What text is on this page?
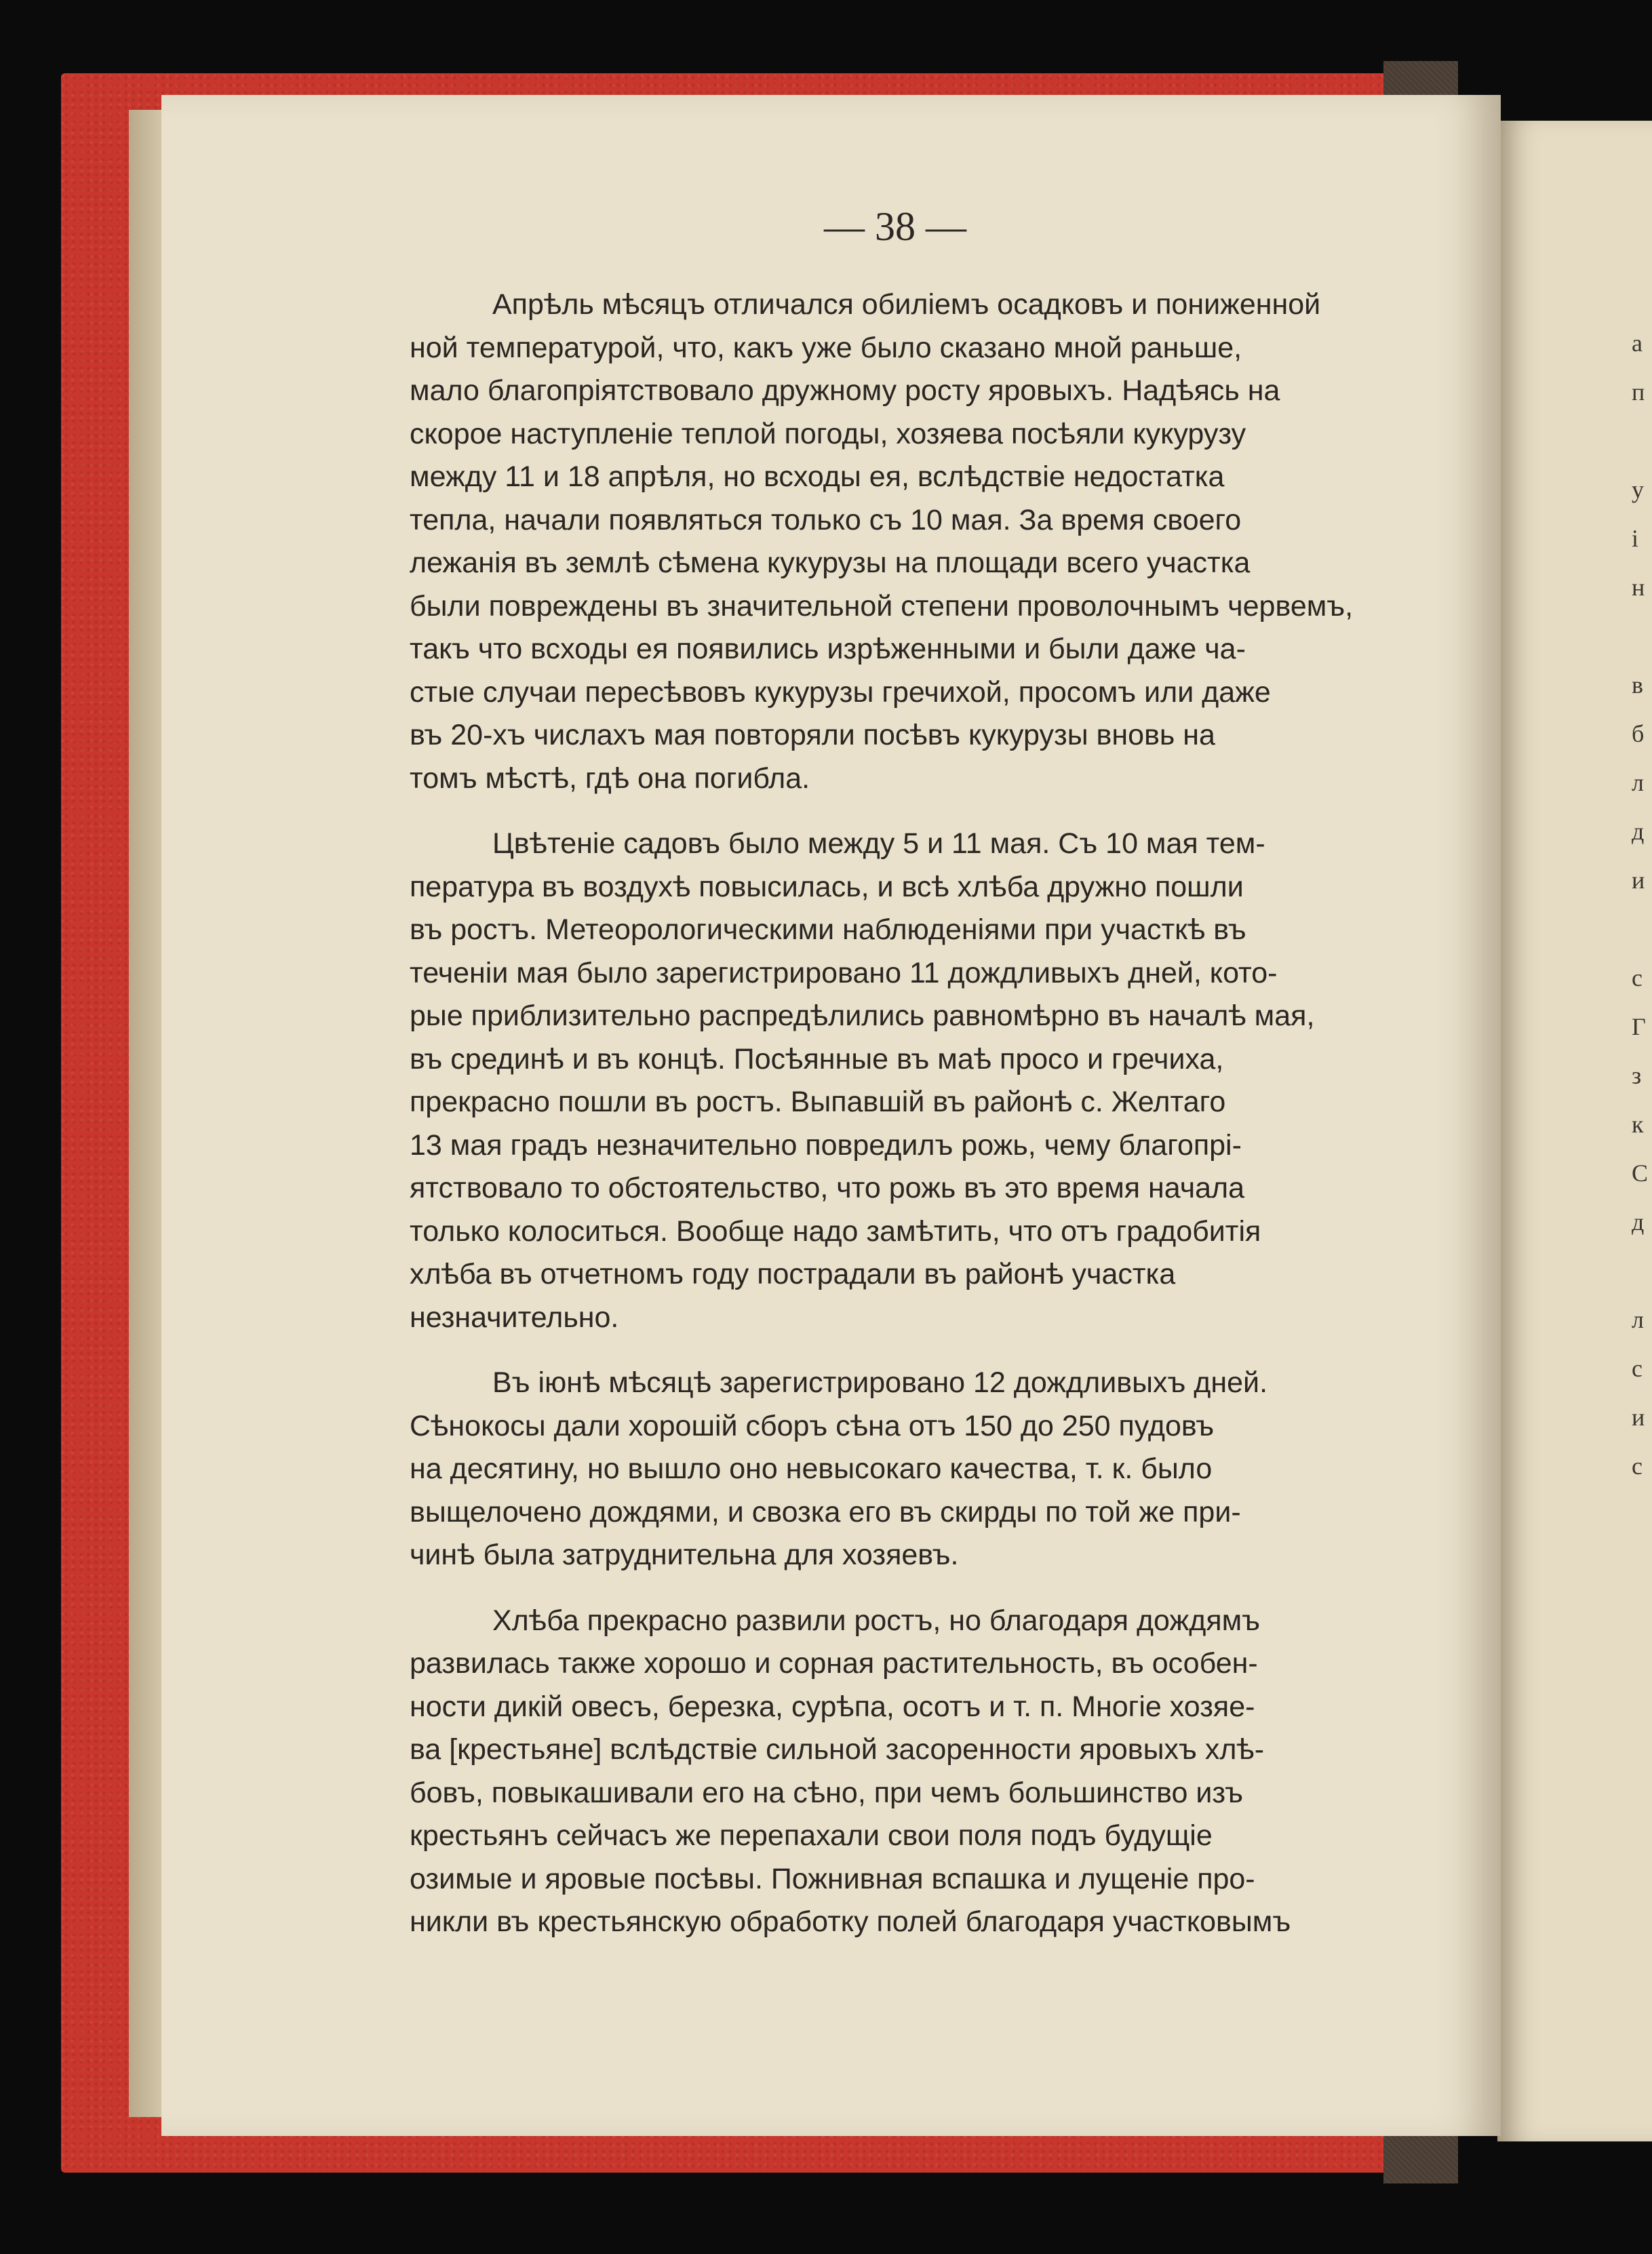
а
п
у
і
н
в
б
л
д
и
с
Г
з
к
С
д
л
с
и
с
— 38 —

Апрѣль мѣсяцъ отличался обиліемъ осадковъ и пониженной
ной температурой, что, какъ уже было сказано мной раньше,
мало благопріятствовало дружному росту яровыхъ. Надѣясь на
скорое наступленіе теплой погоды, хозяева посѣяли кукурузу
между 11 и 18 апрѣля, но всходы ея, вслѣдствіе недостатка
тепла, начали появляться только съ 10 мая. За время своего
лежанія въ землѣ сѣмена кукурузы на площади всего участка
были повреждены въ значительной степени проволочнымъ червемъ,
такъ что всходы ея появились изрѣженными и были даже ча-
стые случаи пересѣвовъ кукурузы гречихой, просомъ или даже
въ 20-хъ числахъ мая повторяли посѣвъ кукурузы вновь на
томъ мѣстѣ, гдѣ она погибла.

Цвѣтеніе садовъ было между 5 и 11 мая. Съ 10 мая тем-
пература въ воздухѣ повысилась, и всѣ хлѣба дружно пошли
въ ростъ. Метеорологическими наблюденіями при участкѣ въ
теченіи мая было зарегистрировано 11 дождливыхъ дней, кото-
рые приблизительно распредѣлились равномѣрно въ началѣ мая,
въ срединѣ и въ концѣ. Посѣянные въ маѣ просо и гречиха,
прекрасно пошли въ ростъ. Выпавшій въ районѣ с. Желтаго
13 мая градъ незначительно повредилъ рожь, чему благопрі-
ятствовало то обстоятельство, что рожь въ это время начала
только колоситься. Вообще надо замѣтить, что отъ градобитія
хлѣба въ отчетномъ году пострадали въ районѣ участка
незначительно.

Въ іюнѣ мѣсяцѣ зарегистрировано 12 дождливыхъ дней.
Сѣнокосы дали хорошій сборъ сѣна отъ 150 до 250 пудовъ
на десятину, но вышло оно невысокаго качества, т. к. было
выщелочено дождями, и свозка его въ скирды по той же при-
чинѣ была затруднительна для хозяевъ.

Хлѣба прекрасно развили ростъ, но благодаря дождямъ
развилась также хорошо и сорная растительность, въ особен-
ности дикій овесъ, березка, сурѣпа, осотъ и т. п. Многіе хозяе-
ва [крестьяне] вслѣдствіе сильной засоренности яровыхъ хлѣ-
бовъ, повыкашивали его на сѣно, при чемъ большинство изъ
крестьянъ сейчасъ же перепахали свои поля подъ будущіе
озимые и яровые посѣвы. Пожнивная вспашка и лущеніе про-
никли въ крестьянскую обработку полей благодаря участковымъ
